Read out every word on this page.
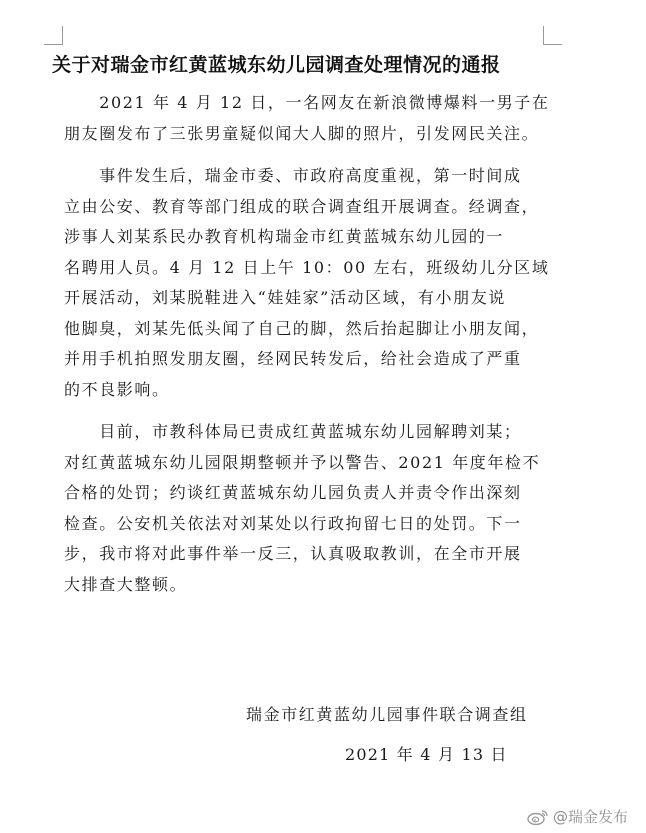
关于对瑞金市红黄蓝城东幼儿园调查处理情况的通报

　　2021 年 4 月 12 日，一名网友在新浪微博爆料一男子在
朋友圈发布了三张男童疑似闻大人脚的照片，引发网民关注。

　　事件发生后，瑞金市委、市政府高度重视，第一时间成
立由公安、教育等部门组成的联合调查组开展调查。经调查，
涉事人刘某系民办教育机构瑞金市红黄蓝城东幼儿园的一
名聘用人员。4 月 12 日上午 10：00 左右，班级幼儿分区域
开展活动，刘某脱鞋进入“娃娃家”活动区域，有小朋友说
他脚臭，刘某先低头闻了自己的脚，然后抬起脚让小朋友闻，
并用手机拍照发朋友圈，经网民转发后，给社会造成了严重
的不良影响。

　　目前，市教科体局已责成红黄蓝城东幼儿园解聘刘某；
对红黄蓝城东幼儿园限期整顿并予以警告、2021 年度年检不
合格的处罚；约谈红黄蓝城东幼儿园负责人并责令作出深刻
检查。公安机关依法对刘某处以行政拘留七日的处罚。下一
步，我市将对此事件举一反三，认真吸取教训，在全市开展
大排查大整顿。

瑞金市红黄蓝幼儿园事件联合调查组
2021 年 4 月 13 日
@瑞金发布
